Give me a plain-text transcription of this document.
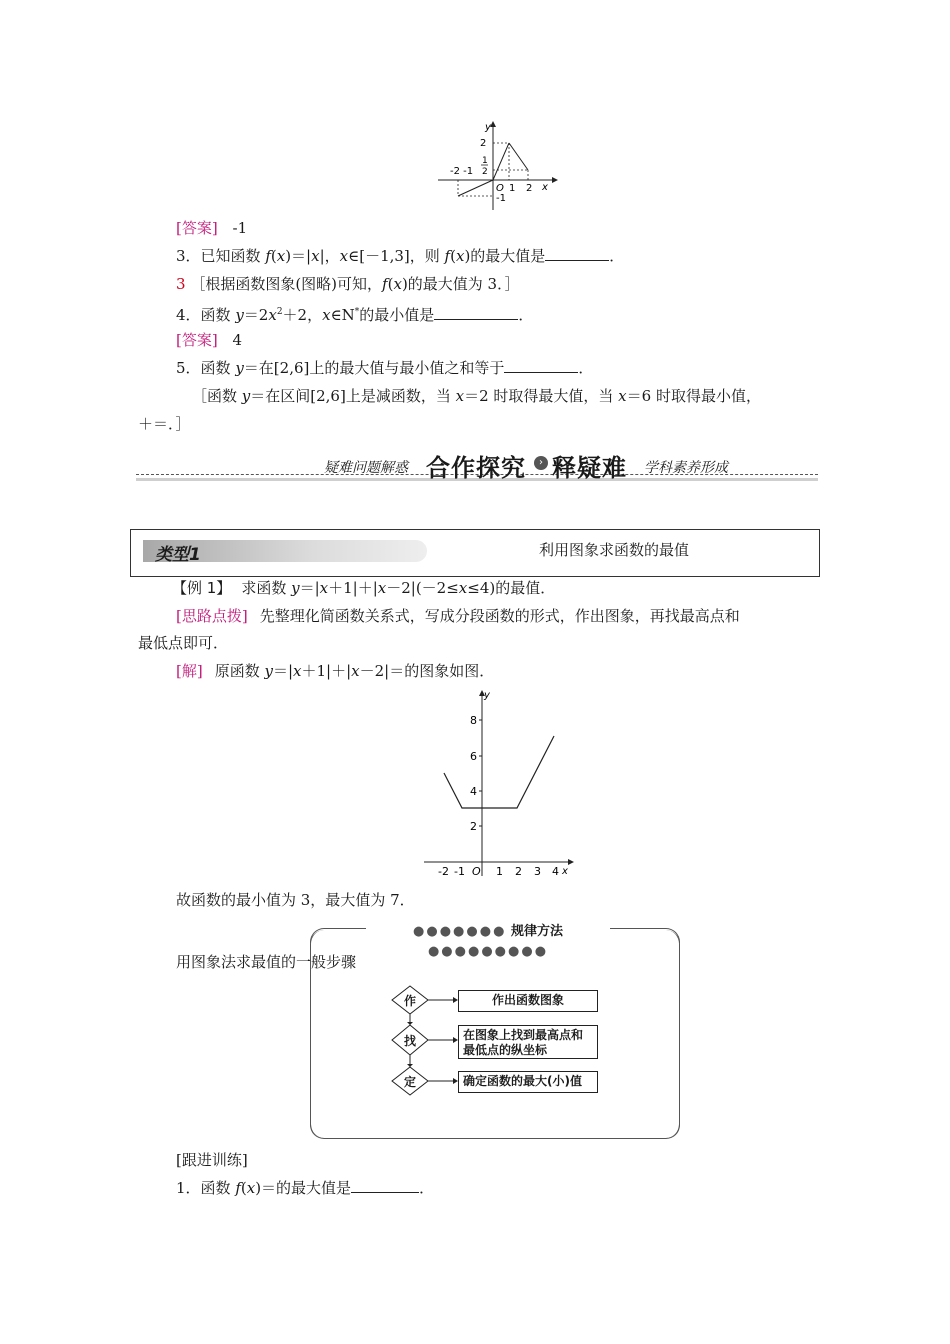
y
x
2
1
2
-2 -1
O 1 2
-1
[答案] -1
3．已知函数 f(x)＝|x|，x∈[－1,3]，则 f(x)的最大值是	．
3 ［根据函数图象(图略)可知，f(x)的最大值为 3．］
4．函数 $y=2x^2+2$，x∈N*的最小值是	．
[答案] 4
5．函数 y＝在[2,6]上的最大值与最小值之和等于	．
［函数 y＝在区间[2,6]上是减函数，当 x＝2 时取得最大值，当 x＝6 时取得最小值，
＋＝．］
疑难问题解惑 合作探究	› 释疑难 学科素养形成
类型1	利用图象求函数的最值
【例 1】 求函数 y＝|x＋1|＋|x－2|(－2≤x≤4)的最值．
[思路点拨] 先整理化简函数关系式，写成分段函数的形式，作出图象，再找最高点和
最低点即可．
[解] 原函数 y＝|x＋1|＋|x－2|＝的图象如图．
y
x
8
6
4
2
-2 -1 O 1 2 3 4
故函数的最小值为 3，最大值为 7．
●●●●●●● 规律方法 ●●●●●●●●●
用图象法求最值的一般步骤
作
找
定
作出函数图象
在图象上找到最高点和
最低点的纵坐标
确定函数的最大(小)值
[跟进训练]
1．函数 f(x)＝的最大值是	．
